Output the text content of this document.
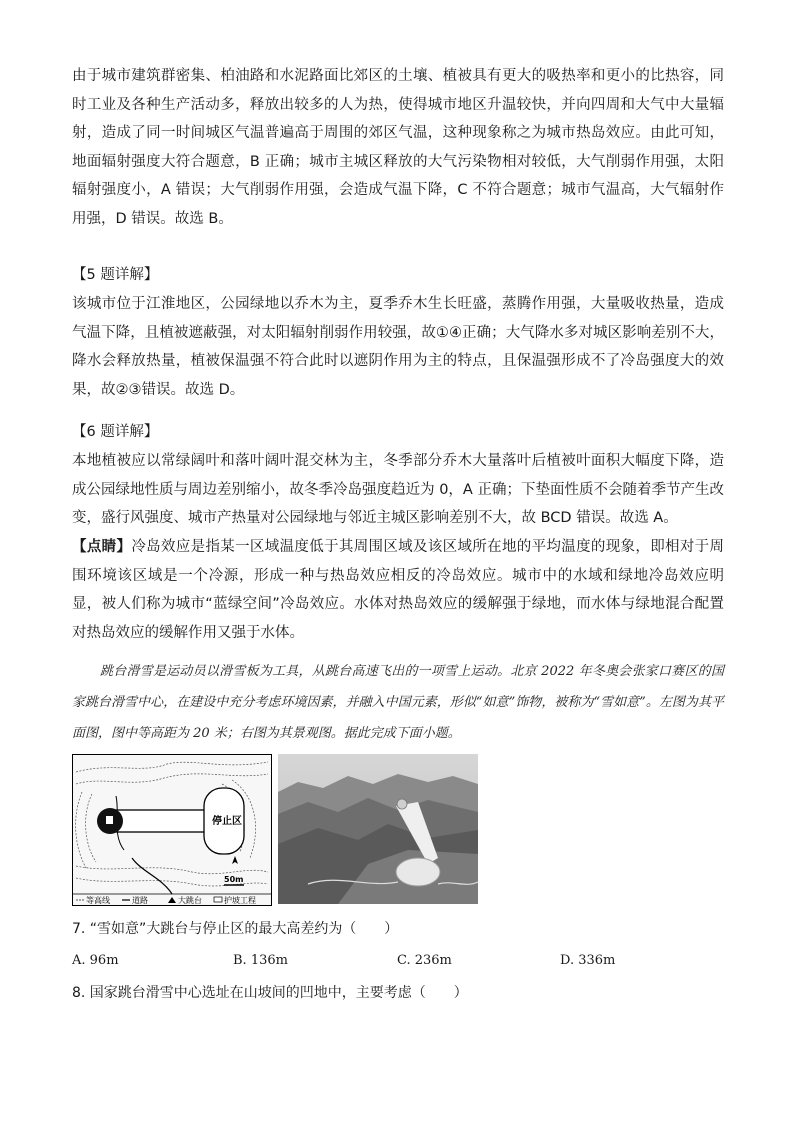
由于城市建筑群密集、柏油路和水泥路面比郊区的土壤、植被具有更大的吸热率和更小的比热容，同时工业及各种生产活动多，释放出较多的人为热，使得城市地区升温较快，并向四周和大气中大量辐射，造成了同一时间城区气温普遍高于周围的郊区气温，这种现象称之为城市热岛效应。由此可知，地面辐射强度大符合题意，B 正确；城市主城区释放的大气污染物相对较低，大气削弱作用强，太阳辐射强度小，A 错误；大气削弱作用强，会造成气温下降，C 不符合题意；城市气温高，大气辐射作用强，D 错误。故选 B。

【5 题详解】

该城市位于江淮地区，公园绿地以乔木为主，夏季乔木生长旺盛，蒸腾作用强，大量吸收热量，造成气温下降，且植被遮蔽强，对太阳辐射削弱作用较强，故①④正确；大气降水多对城区影响差别不大，降水会释放热量，植被保温强不符合此时以遮阴作用为主的特点，且保温强形成不了冷岛强度大的效果，故②③错误。故选 D。

【6 题详解】

本地植被应以常绿阔叶和落叶阔叶混交林为主，冬季部分乔木大量落叶后植被叶面积大幅度下降，造成公园绿地性质与周边差别缩小，故冬季冷岛强度趋近为 0，A 正确；下垫面性质不会随着季节产生改变，盛行风强度、城市产热量对公园绿地与邻近主城区影响差别不大，故 BCD 错误。故选 A。

【点睛】冷岛效应是指某一区域温度低于其周围区域及该区域所在地的平均温度的现象，即相对于周围环境该区域是一个冷源，形成一种与热岛效应相反的冷岛效应。城市中的水域和绿地冷岛效应明显，被人们称为城市“蓝绿空间”冷岛效应。水体对热岛效应的缓解强于绿地，而水体与绿地混合配置对热岛效应的缓解作用又强于水体。

跳台滑雪是运动员以滑雪板为工具，从跳台高速飞出的一项雪上运动。北京 2022 年冬奥会张家口赛区的国家跳台滑雪中心，在建设中充分考虑环境因素，并融入中国元素，形似“如意”饰物，被称为“雪如意”。左图为其平面图，图中等高距为 20 米；右图为其景观图。据此完成下面小题。

停止区
50m
等高线	道路	大跳台	护坡工程
7. “雪如意”大跳台与停止区的最大高差约为（　　）
A. 96m	B. 136m	C. 236m	D. 336m
8. 国家跳台滑雪中心选址在山坡间的凹地中，主要考虑（　　）
